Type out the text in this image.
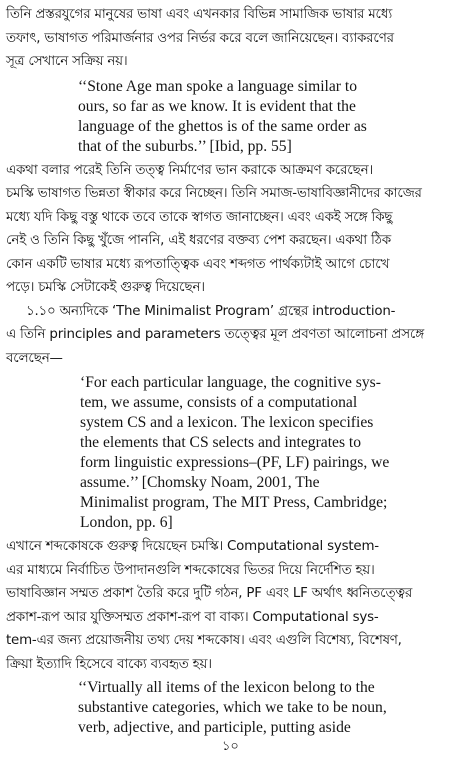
তিনি প্রস্তরযুগের মানুষের ভাষা এবং এখনকার বিভিন্ন সামাজিক ভাষার মধ্যে

তফাৎ, ভাষাগত পরিমার্জনার ওপর নির্ভর করে বলে জানিয়েছেন। ব্যাকরণের

সূত্র সেখানে সক্রিয় নয়।

‘‘Stone Age man spoke a language similar to

ours, so far as we know. It is evident that the

language of the ghettos is of the same order as

that of the suburbs.’’ [Ibid, pp. 55]

একথা বলার পরেই তিনি তত্ত্ব নির্মাণের ভান করাকে আক্রমণ করেছেন।

চমস্কি ভাষাগত ভিন্নতা স্বীকার করে নিচ্ছেন। তিনি সমাজ-ভাষাবিজ্ঞানীদের কাজের

মধ্যে যদি কিছু বস্তু থাকে তবে তাকে স্বাগত জানাচ্ছেন। এবং একই সঙ্গে কিছু

নেই ও তিনি কিছু খুঁজে পাননি, এই ধরণের বক্তব্য পেশ করছেন। একথা ঠিক

কোন একটি ভাষার মধ্যে রূপতাত্ত্বিক এবং শব্দগত পার্থক্যটাই আগে চোখে

পড়ে। চমস্কি সেটাকেই গুরুত্ব দিয়েছেন।

১.১০ অন্যদিকে ‘The Minimalist Program’ গ্রন্থের introduction-

এ তিনি principles and parameters তত্ত্বের মূল প্রবণতা আলোচনা প্রসঙ্গে

বলেছেন—

‘For each particular language, the cognitive sys-

tem, we assume, consists of a computational

system CS and a lexicon. The lexicon specifies

the elements that CS selects and integrates to

form linguistic expressions–(PF, LF) pairings, we

assume.’’ [Chomsky Noam, 2001, The

Minimalist program, The MIT Press, Cambridge;

London, pp. 6]

এখানে শব্দকোষকে গুরুত্ব দিয়েছেন চমস্কি। Computational system-

এর মাধ্যমে নির্বাচিত উপাদানগুলি শব্দকোষের ভিতর দিয়ে নির্দেশিত হয়।

ভাষাবিজ্ঞান সম্মত প্রকাশ তৈরি করে দুটি গঠন, PF এবং LF অর্থাৎ ধ্বনিতত্ত্বের

প্রকাশ-রূপ আর যুক্তিসম্মত প্রকাশ-রূপ বা বাক্য। Computational sys-

tem-এর জন্য প্রয়োজনীয় তথ্য দেয় শব্দকোষ। এবং এগুলি বিশেষ্য, বিশেষণ,

ক্রিয়া ইত্যাদি হিসেবে বাক্যে ব্যবহৃত হয়।

‘‘Virtually all items of the lexicon belong to the

substantive categories, which we take to be noun,

verb, adjective, and participle, putting aside

১০
